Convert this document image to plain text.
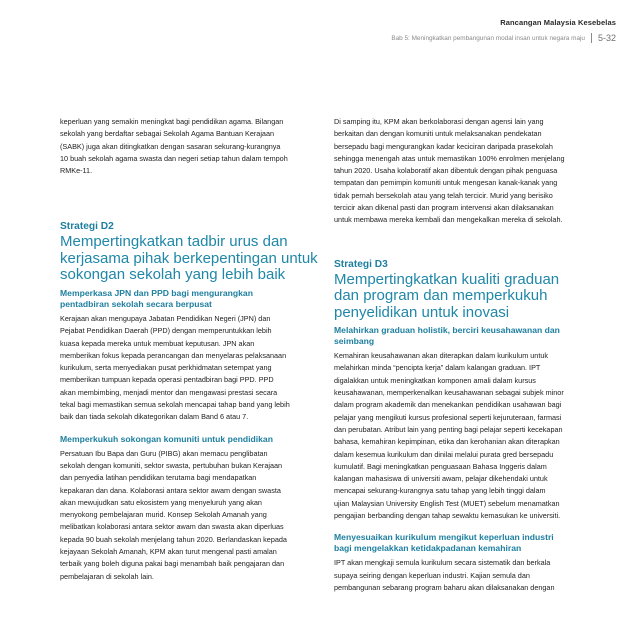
Rancangan Malaysia Kesebelas
Bab 5: Meningkatkan pembangunan modal insan untuk negara maju 5-32

keperluan yang semakin meningkat bagi pendidikan agama. Bilangan

sekolah yang berdaftar sebagai Sekolah Agama Bantuan Kerajaan

(SABK) juga akan ditingkatkan dengan sasaran sekurang-kurangnya

10 buah sekolah agama swasta dan negeri setiap tahun dalam tempoh

RMKe-11.

Strategi D2
Mempertingkatkan tadbir urus dan
kerjasama pihak berkepentingan untuk
sokongan sekolah yang lebih baik
Memperkasa JPN dan PPD bagi mengurangkan
pentadbiran sekolah secara berpusat

Kerajaan akan mengupaya Jabatan Pendidikan Negeri (JPN) dan

Pejabat Pendidikan Daerah (PPD) dengan memperuntukkan lebih

kuasa kepada mereka untuk membuat keputusan. JPN akan

memberikan fokus kepada perancangan dan menyelaras pelaksanaan

kurikulum, serta menyediakan pusat perkhidmatan setempat yang

memberikan tumpuan kepada operasi pentadbiran bagi PPD. PPD

akan membimbing, menjadi mentor dan mengawasi prestasi secara

tekal bagi memastikan semua sekolah mencapai tahap band yang lebih

baik dan tiada sekolah dikategorikan dalam Band 6 atau 7.

Memperkukuh sokongan komuniti untuk pendidikan

Persatuan Ibu Bapa dan Guru (PIBG) akan memacu penglibatan

sekolah dengan komuniti, sektor swasta, pertubuhan bukan Kerajaan

dan penyedia latihan pendidikan terutama bagi mendapatkan

kepakaran dan dana. Kolaborasi antara sektor awam dengan swasta

akan mewujudkan satu ekosistem yang menyeluruh yang akan

menyokong pembelajaran murid. Konsep Sekolah Amanah yang

melibatkan kolaborasi antara sektor awam dan swasta akan diperluas

kepada 90 buah sekolah menjelang tahun 2020. Berlandaskan kepada

kejayaan Sekolah Amanah, KPM akan turut mengenal pasti amalan

terbaik yang boleh diguna pakai bagi menambah baik pengajaran dan

pembelajaran di sekolah lain.

Di samping itu, KPM akan berkolaborasi dengan agensi lain yang

berkaitan dan dengan komuniti untuk melaksanakan pendekatan

bersepadu bagi mengurangkan kadar keciciran daripada prasekolah

sehingga menengah atas untuk memastikan 100% enrolmen menjelang

tahun 2020. Usaha kolaboratif akan dibentuk dengan pihak penguasa

tempatan dan pemimpin komuniti untuk mengesan kanak-kanak yang

tidak pernah bersekolah atau yang telah tercicir. Murid yang berisiko

tercicir akan dikenal pasti dan program intervensi akan dilaksanakan

untuk membawa mereka kembali dan mengekalkan mereka di sekolah.

Strategi D3
Mempertingkatkan kualiti graduan
dan program dan memperkukuh
penyelidikan untuk inovasi
Melahirkan graduan holistik, berciri keusahawanan dan
seimbang

Kemahiran keusahawanan akan diterapkan dalam kurikulum untuk

melahirkan minda “pencipta kerja” dalam kalangan graduan. IPT

digalakkan untuk meningkatkan komponen amali dalam kursus

keusahawanan, memperkenalkan keusahawanan sebagai subjek minor

dalam program akademik dan menekankan pendidikan usahawan bagi

pelajar yang mengikuti kursus profesional seperti kejuruteraan, farmasi

dan perubatan. Atribut lain yang penting bagi pelajar seperti kecekapan

bahasa, kemahiran kepimpinan, etika dan kerohanian akan diterapkan

dalam kesemua kurikulum dan dinilai melalui purata gred bersepadu

kumulatif. Bagi meningkatkan penguasaan Bahasa Inggeris dalam

kalangan mahasiswa di universiti awam, pelajar dikehendaki untuk

mencapai sekurang-kurangnya satu tahap yang lebih tinggi dalam

ujian Malaysian University English Test (MUET) sebelum menamatkan

pengajian berbanding dengan tahap sewaktu kemasukan ke universiti.

Menyesuaikan kurikulum mengikut keperluan industri
bagi mengelakkan ketidakpadanan kemahiran

IPT akan mengkaji semula kurikulum secara sistematik dan berkala

supaya seiring dengan keperluan industri. Kajian semula dan

pembangunan sebarang program baharu akan dilaksanakan dengan
